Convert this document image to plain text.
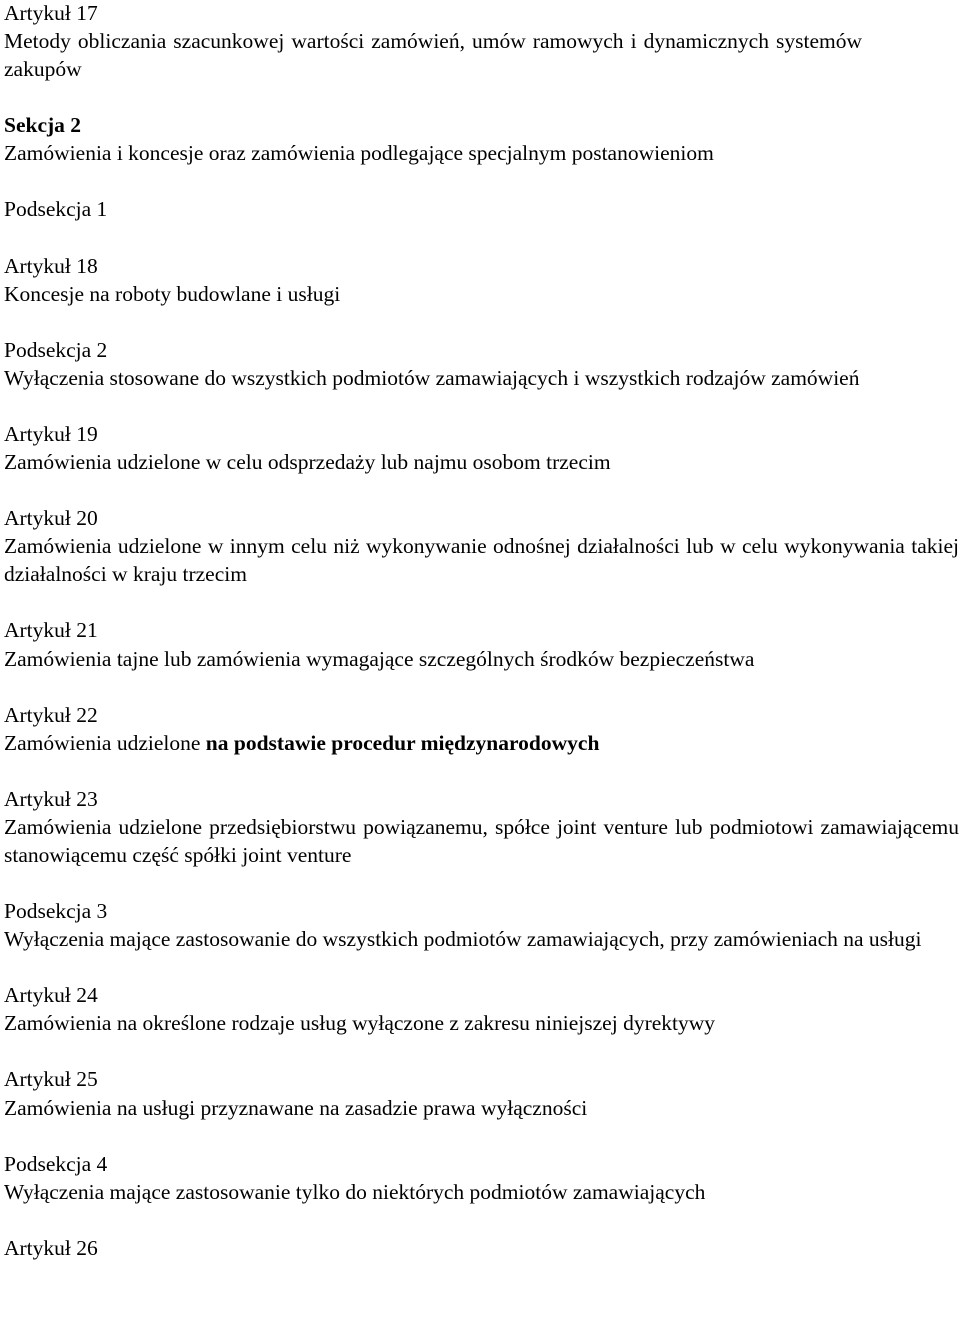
Artykuł 17
Metody obliczania szacunkowej wartości zamówień, umów ramowych i dynamicznych systemów zakupów
Sekcja 2
Zamówienia i koncesje oraz zamówienia podlegające specjalnym postanowieniom
Podsekcja 1
Artykuł 18
Koncesje na roboty budowlane i usługi
Podsekcja 2
Wyłączenia stosowane do wszystkich podmiotów zamawiających i wszystkich rodzajów zamówień
Artykuł 19
Zamówienia udzielone w celu odsprzedaży lub najmu osobom trzecim
Artykuł 20
Zamówienia udzielone w innym celu niż wykonywanie odnośnej działalności lub w celu wykonywania takiej działalności w kraju trzecim
Artykuł 21
Zamówienia tajne lub zamówienia wymagające szczególnych środków bezpieczeństwa
Artykuł 22
Zamówienia udzielone na podstawie procedur międzynarodowych
Artykuł 23
Zamówienia udzielone przedsiębiorstwu powiązanemu, spółce joint venture lub podmiotowi zamawiającemu stanowiącemu część spółki joint venture
Podsekcja 3
Wyłączenia mające zastosowanie do wszystkich podmiotów zamawiających, przy zamówieniach na usługi
Artykuł 24
Zamówienia na określone rodzaje usług wyłączone z zakresu niniejszej dyrektywy
Artykuł 25
Zamówienia na usługi przyznawane na zasadzie prawa wyłączności
Podsekcja 4
Wyłączenia mające zastosowanie tylko do niektórych podmiotów zamawiających
Artykuł 26
